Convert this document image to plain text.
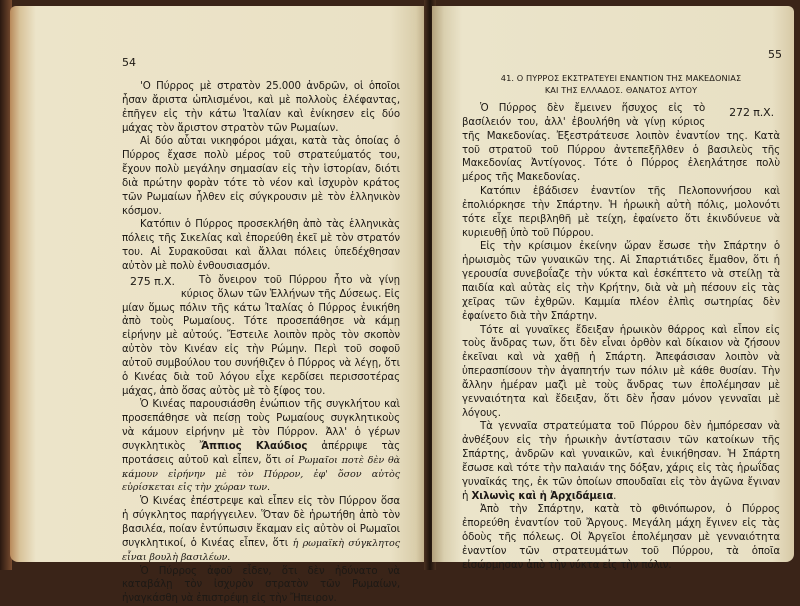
54

'Ο Πύρρος μὲ στρατὸν 25.000 ἀνδρῶν, οἱ ὁποῖοι ἦσαν ἄριστα ὡπλισμένοι, καὶ μὲ πολλοὺς ἐλέφαντας, ἐπῆγεν εἰς τὴν κάτω Ἰταλίαν καὶ ἐνίκησεν εἰς δύο μάχας τὸν ἄριστον στρατὸν τῶν Ρωμαίων.

Αἱ δύο αὗται νικηφόροι μάχαι, κατὰ τὰς ὁποίας ὁ Πύρρος ἔχασε πολὺ μέρος τοῦ στρατεύματός του, ἔχουν πολὺ μεγάλην σημασίαν εἰς τὴν ἱστορίαν, διότι διὰ πρώτην φορὰν τότε τὸ νέον καὶ ἰσχυρὸν κράτος τῶν Ρωμαίων ἦλθεν εἰς σύγκρουσιν μὲ τὸν ἑλληνικὸν κόσμον.

Κατόπιν ὁ Πύρρος προσεκλήθη ἀπὸ τὰς ἑλληνικὰς πόλεις τῆς Σικελίας καὶ ἐπορεύθη ἐκεῖ μὲ τὸν στρατόν του. Αἱ Συρακοῦσαι καὶ ἄλλαι πόλεις ὑπεδέχθησαν αὐτὸν μὲ πολὺ ἐνθουσιασμόν.

275 π.Χ. Τὸ ὄνειρον τοῦ Πύρρου ἦτο νὰ γίνῃ κύριος ὅλων τῶν Ἑλλήνων τῆς Δύσεως. Εἰς μίαν ὅμως πόλιν τῆς κάτω Ἰταλίας ὁ Πύρρος ἐνικήθη ἀπὸ τοὺς Ρωμαίους. Τότε προσεπάθησε νὰ κάμῃ εἰρήνην μὲ αὐτούς. Ἔστειλε λοιπὸν πρὸς τὸν σκοπὸν αὐτὸν τὸν Κινέαν εἰς τὴν Ρώμην. Περὶ τοῦ σοφοῦ αὐτοῦ συμβούλου του συνήθιζεν ὁ Πύρρος νὰ λέγῃ, ὅτι ὁ Κινέας διὰ τοῦ λόγου εἶχε κερδίσει περισσοτέρας μάχας, ἀπὸ ὅσας αὐτὸς μὲ τὸ ξίφος του.

Ὁ Κινέας παρουσιάσθη ἐνώπιον τῆς συγκλήτου καὶ προσεπάθησε νὰ πείσῃ τοὺς Ρωμαίους συγκλητικοὺς νὰ κάμουν εἰρήνην μὲ τὸν Πύρρον. Ἀλλ' ὁ γέρων συγκλητικὸς Ἄππιος Κλαύδιος ἀπέρριψε τὰς προτάσεις αὐτοῦ καὶ εἶπεν, ὅτι οἱ Ρωμαῖοι ποτὲ δὲν θὰ κάμουν εἰρήνην μὲ τὸν Πύρρον, ἐφ' ὅσον αὐτὸς εὑρίσκεται εἰς τὴν χώραν των.

Ὁ Κινέας ἐπέστρεψε καὶ εἶπεν εἰς τὸν Πύρρον ὅσα ἡ σύγκλητος παρήγγειλεν. Ὅταν δὲ ἠρωτήθη ἀπὸ τὸν βασιλέα, ποίαν ἐντύπωσιν ἔκαμαν εἰς αὐτὸν οἱ Ρωμαῖοι συγκλητικοί, ὁ Κινέας εἶπεν, ὅτι ἡ ρωμαϊκὴ σύγκλητος εἶναι βουλὴ βασιλέων.

Ὁ Πύρρος ἀφοῦ εἶδεν, ὅτι δὲν ἠδύνατο νὰ καταβάλῃ τὸν ἰσχυρὸν στρατὸν τῶν Ρωμαίων, ἠναγκάσθη νὰ ἐπιστρέψῃ εἰς τὴν Ἤπειρον.

55
41. Ο ΠΥΡΡΟΣ ΕΚΣΤΡΑΤΕΥΕΙ ΕΝΑΝΤΙΟΝ ΤΗΣ ΜΑΚΕΔΟΝΙΑΣ
ΚΑΙ ΤΗΣ ΕΛΛΑΔΟΣ. ΘΑΝΑΤΟΣ ΑΥΤΟΥ

272 π.Χ.
Ὁ Πύρρος δὲν ἔμεινεν ἥσυχος εἰς τὸ βασίλειόν του, ἀλλ' ἐβουλήθη νὰ γίνῃ κύριος τῆς Μακεδονίας. Ἐξεστράτευσε λοιπὸν ἐναντίον της. Κατὰ τοῦ στρατοῦ τοῦ Πύρρου ἀντεπεξῆλθεν ὁ βασιλεὺς τῆς Μακεδονίας Ἀντίγονος. Τότε ὁ Πύρρος ἐλεηλάτησε πολὺ μέρος τῆς Μακεδονίας.

Κατόπιν ἐβάδισεν ἐναντίον τῆς Πελοποννήσου καὶ ἐπολιόρκησε τὴν Σπάρτην. Ἡ ἡρωικὴ αὐτὴ πόλις, μολονότι τότε εἶχε περιβληθῆ μὲ τείχη, ἐφαίνετο ὅτι ἐκινδύνευε νὰ κυριευθῇ ὑπὸ τοῦ Πύρρου.

Εἰς τὴν κρίσιμον ἐκείνην ὥραν ἔσωσε τὴν Σπάρτην ὁ ἡρωισμὸς τῶν γυναικῶν της. Αἱ Σπαρτιάτιδες ἔμαθον, ὅτι ἡ γερουσία συνεβοΐαζε τὴν νύκτα καὶ ἐσκέπτετο νὰ στείλῃ τὰ παιδία καὶ αὐτὰς εἰς τὴν Κρήτην, διὰ νὰ μὴ πέσουν εἰς τὰς χεῖρας τῶν ἐχθρῶν. Καμμία πλέον ἐλπὶς σωτηρίας δὲν ἐφαίνετο διὰ τὴν Σπάρτην.

Τότε αἱ γυναῖκες ἔδειξαν ἡρωικὸν θάρρος καὶ εἶπον εἰς τοὺς ἄνδρας των, ὅτι δὲν εἶναι ὀρθὸν καὶ δίκαιον νὰ ζήσουν ἐκεῖναι καὶ νὰ χαθῇ ἡ Σπάρτη. Ἀπεφάσισαν λοιπὸν νὰ ὑπερασπίσουν τὴν ἀγαπητήν των πόλιν μὲ κάθε θυσίαν. Τὴν ἄλλην ἡμέραν μαζὶ μὲ τοὺς ἄνδρας των ἐπολέμησαν μὲ γενναιότητα καὶ ἔδειξαν, ὅτι δὲν ἦσαν μόνον γενναῖαι μὲ λόγους.

Τὰ γενναῖα στρατεύματα τοῦ Πύρρου δὲν ἠμπόρεσαν νὰ ἀνθέξουν εἰς τὴν ἡρωικὴν ἀντίστασιν τῶν κατοίκων τῆς Σπάρτης, ἀνδρῶν καὶ γυναικῶν, καὶ ἐνικήθησαν. Ἡ Σπάρτη ἔσωσε καὶ τότε τὴν παλαιάν της δόξαν, χάρις εἰς τὰς ἡρωΐδας γυναῖκάς της, ἐκ τῶν ὁποίων σπουδαῖαι εἰς τὸν ἀγῶνα ἔγιναν ἡ Χιλωνὶς καὶ ἡ Ἀρχιδάμεια.

Ἀπὸ τὴν Σπάρτην, κατὰ τὸ φθινόπωρον, ὁ Πύρρος ἐπορεύθη ἐναντίον τοῦ Ἄργους. Μεγάλη μάχη ἔγινεν εἰς τὰς ὁδοὺς τῆς πόλεως. Οἱ Ἀργεῖοι ἐπολέμησαν μὲ γενναιότητα ἐναντίον τῶν στρατευμάτων τοῦ Πύρρου, τὰ ὁποῖα εἰσώρμησαν ἀπὸ τὴν νύκτα εἰς τὴν πόλιν.
